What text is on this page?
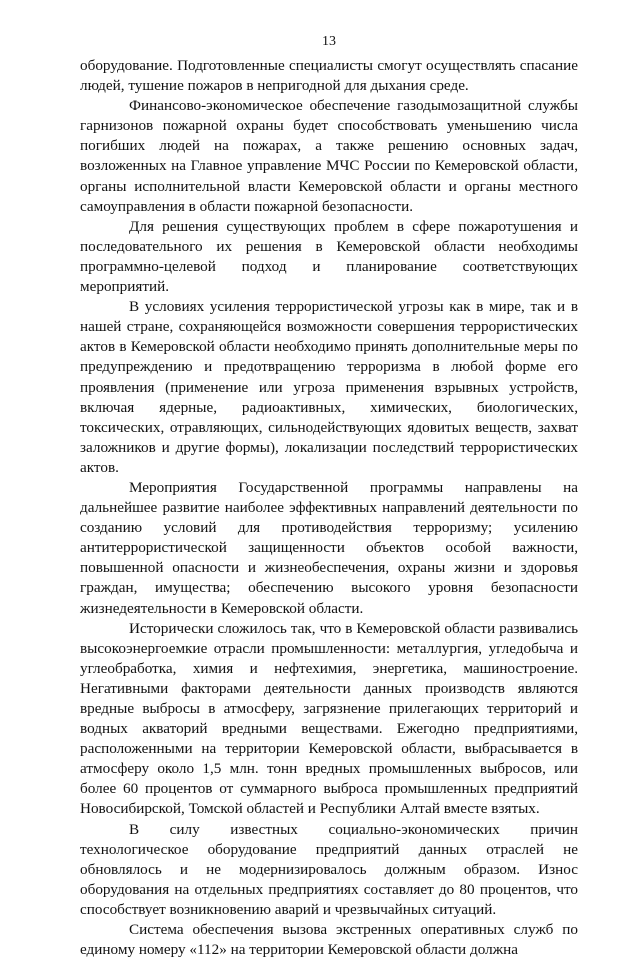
13

оборудование. Подготовленные специалисты смогут осуществлять спасание людей, тушение пожаров в непригодной для дыхания среде.

Финансово-экономическое обеспечение газодымозащитной службы гарнизонов пожарной охраны будет способствовать уменьшению числа погибших людей на пожарах, а также решению основных задач, возложенных на Главное управление МЧС России по Кемеровской области, органы исполнительной власти Кемеровской области и органы местного самоуправления в области пожарной безопасности.

Для решения существующих проблем в сфере пожаротушения и последовательного их решения в Кемеровской области необходимы программно-целевой подход и планирование соответствующих мероприятий.

В условиях усиления террористической угрозы как в мире, так и в нашей стране, сохраняющейся возможности совершения террористических актов в Кемеровской области необходимо принять дополнительные меры по предупреждению и предотвращению терроризма в любой форме его проявления (применение или угроза применения взрывных устройств, включая ядерные, радиоактивных, химических, биологических, токсических, отравляющих, сильнодействующих ядовитых веществ, захват заложников и другие формы), локализации последствий террористических актов.

Мероприятия Государственной программы направлены на дальнейшее развитие наиболее эффективных направлений деятельности по созданию условий для противодействия терроризму; усилению антитеррористической защищенности объектов особой важности, повышенной опасности и жизнеобеспечения, охраны жизни и здоровья граждан, имущества; обеспечению высокого уровня безопасности жизнедеятельности в Кемеровской области.

Исторически сложилось так, что в Кемеровской области развивались высокоэнергоемкие отрасли промышленности: металлургия, угледобыча и углеобработка, химия и нефтехимия, энергетика, машиностроение. Негативными факторами деятельности данных производств являются вредные выбросы в атмосферу, загрязнение прилегающих территорий и водных акваторий вредными веществами. Ежегодно предприятиями, расположенными на территории Кемеровской области, выбрасывается в атмосферу около 1,5 млн. тонн вредных промышленных выбросов, или более 60 процентов от суммарного выброса промышленных предприятий Новосибирской, Томской областей и Республики Алтай вместе взятых.

В силу известных социально-экономических причин технологическое оборудование предприятий данных отраслей не обновлялось и не модернизировалось должным образом. Износ оборудования на отдельных предприятиях составляет до 80 процентов, что способствует возникновению аварий и чрезвычайных ситуаций.

Система обеспечения вызова экстренных оперативных служб по единому номеру «112» на территории Кемеровской области должна
